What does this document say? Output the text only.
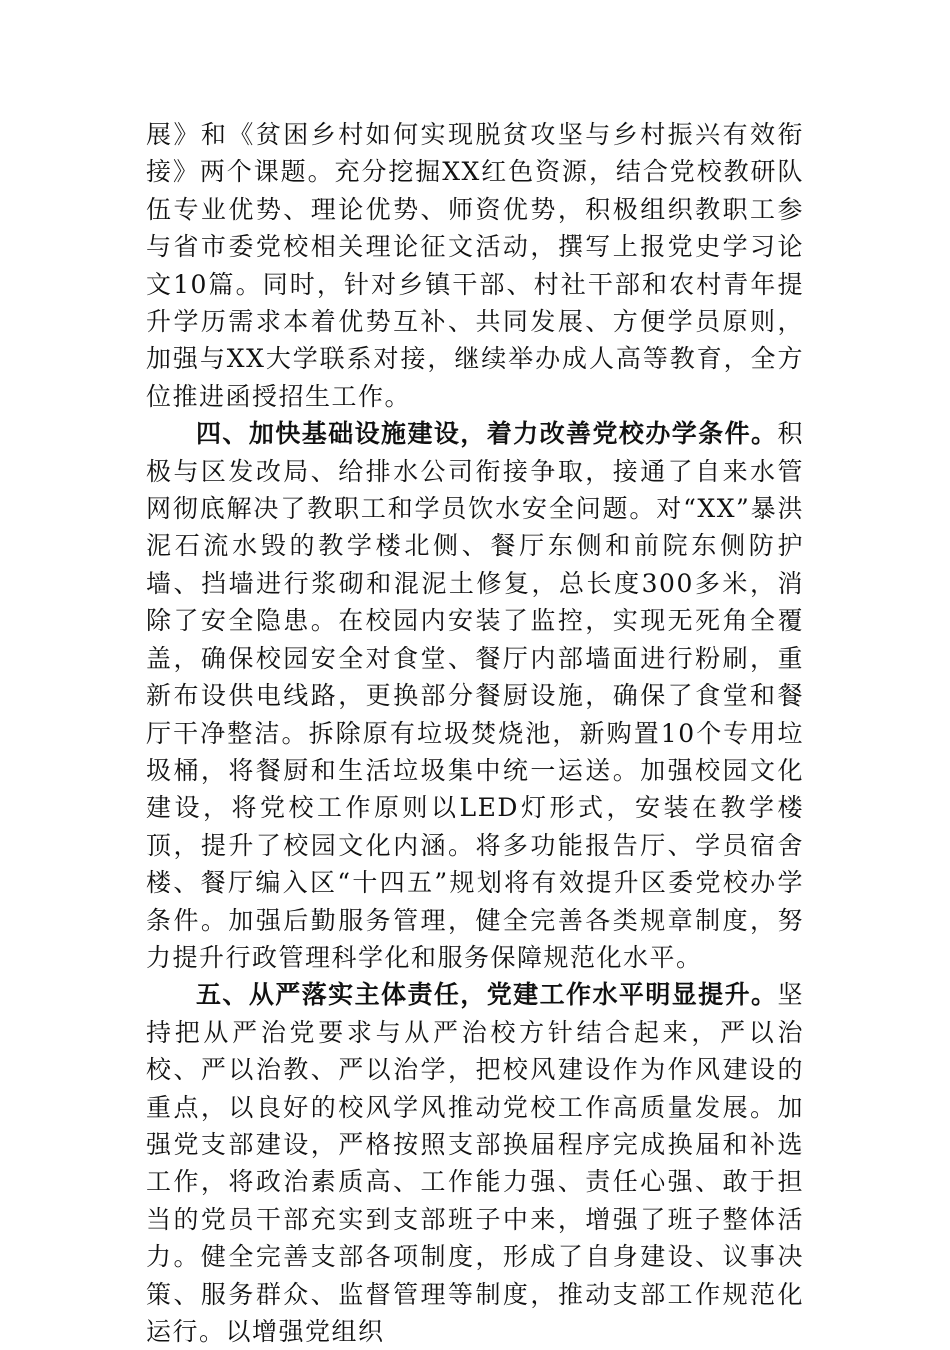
展》和《贫困乡村如何实现脱贫攻坚与乡村振兴有效衔接》两个课题。充分挖掘XX红色资源，结合党校教研队伍专业优势、理论优势、师资优势，积极组织教职工参与省市委党校相关理论征文活动，撰写上报党史学习论文10篇。同时，针对乡镇干部、村社干部和农村青年提升学历需求本着优势互补、共同发展、方便学员原则，加强与XX大学联系对接，继续举办成人高等教育，全方位推进函授招生工作。

四、加快基础设施建设，着力改善党校办学条件。积极与区发改局、给排水公司衔接争取，接通了自来水管网彻底解决了教职工和学员饮水安全问题。对“XX”暴洪泥石流水毁的教学楼北侧、餐厅东侧和前院东侧防护墙、挡墙进行浆砌和混泥土修复，总长度300多米，消除了安全隐患。在校园内安装了监控，实现无死角全覆盖，确保校园安全对食堂、餐厅内部墙面进行粉刷，重新布设供电线路，更换部分餐厨设施，确保了食堂和餐厅干净整洁。拆除原有垃圾焚烧池，新购置10个专用垃圾桶，将餐厨和生活垃圾集中统一运送。加强校园文化建设，将党校工作原则以LED灯形式，安装在教学楼顶，提升了校园文化内涵。将多功能报告厅、学员宿舍楼、餐厅编入区“十四五”规划将有效提升区委党校办学条件。加强后勤服务管理，健全完善各类规章制度，努力提升行政管理科学化和服务保障规范化水平。

五、从严落实主体责任，党建工作水平明显提升。坚持把从严治党要求与从严治校方针结合起来，严以治校、严以治教、严以治学，把校风建设作为作风建设的重点，以良好的校风学风推动党校工作高质量发展。加强党支部建设，严格按照支部换届程序完成换届和补选工作，将政治素质高、工作能力强、责任心强、敢于担当的党员干部充实到支部班子中来，增强了班子整体活力。健全完善支部各项制度，形成了自身建设、议事决策、服务群众、监督管理等制度，推动支部工作规范化运行。以增强党组织
